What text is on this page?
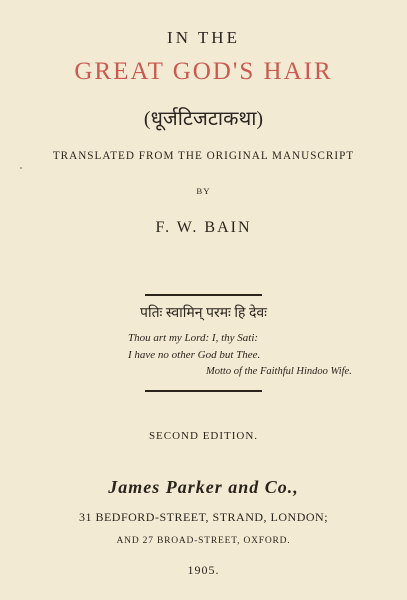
IN THE
GREAT GOD'S HAIR
(धूर्जटिजटाकथा)
TRANSLATED FROM THE ORIGINAL MANUSCRIPT
BY
F. W. BAIN
पतिः स्वामिन् परमः हि देवः
Thou art my Lord: I, thy Sati:
I have no other God but Thee.
Motto of the Faithful Hindoo Wife.
SECOND EDITION.
James Parker and Co.,
31 BEDFORD-STREET, STRAND, LONDON;
AND 27 BROAD-STREET, OXFORD.
1905.
